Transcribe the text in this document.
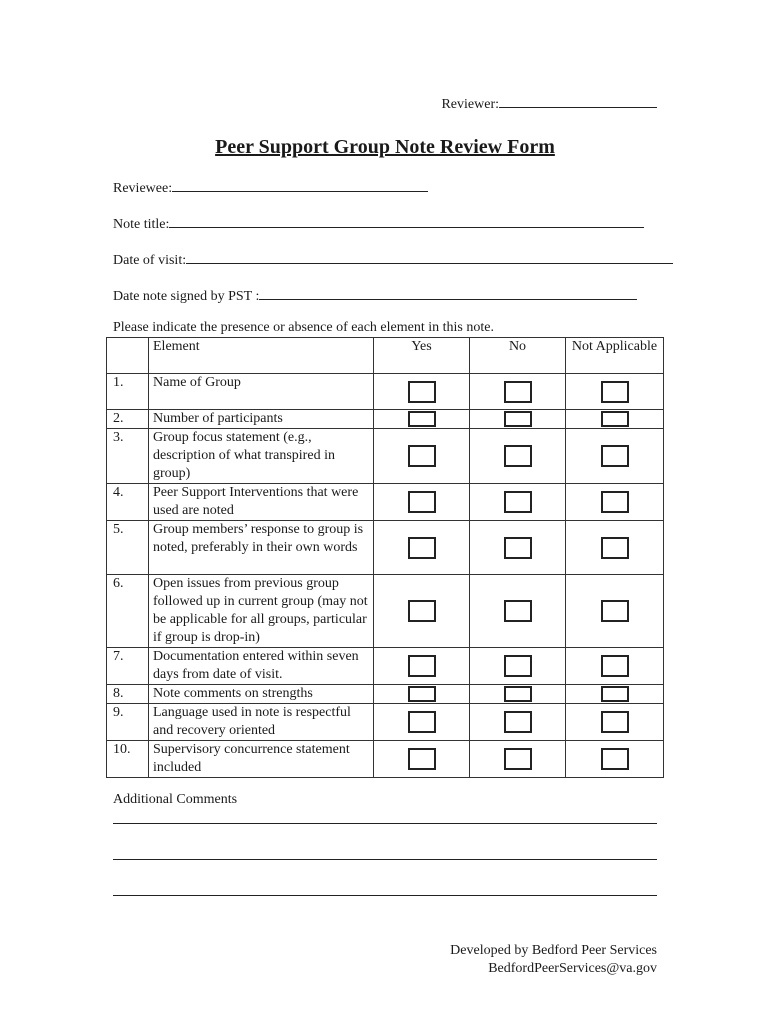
Reviewer:
Peer Support Group Note Review Form
Reviewee:
Note title:
Date of visit:
Date note signed by PST :
Please indicate the presence or absence of each element in this note.
	Element	Yes	No	Not Applicable
1.	Name of Group			
2.	Number of participants			
3.	Group focus statement (e.g., description of what transpired in group)			
4.	Peer Support Interventions that were used are noted			
5.	Group members’ response to group is noted, preferably in their own words			
6.	Open issues from previous group followed up in current group (may not be applicable for all groups, particular if group is drop-in)			
7.	Documentation entered within seven days from date of visit.			
8.	Note comments on strengths			
9.	Language used in note is respectful and recovery oriented			
10.	Supervisory concurrence statement included			
Additional Comments
Developed by Bedford Peer Services
BedfordPeerServices@va.gov
